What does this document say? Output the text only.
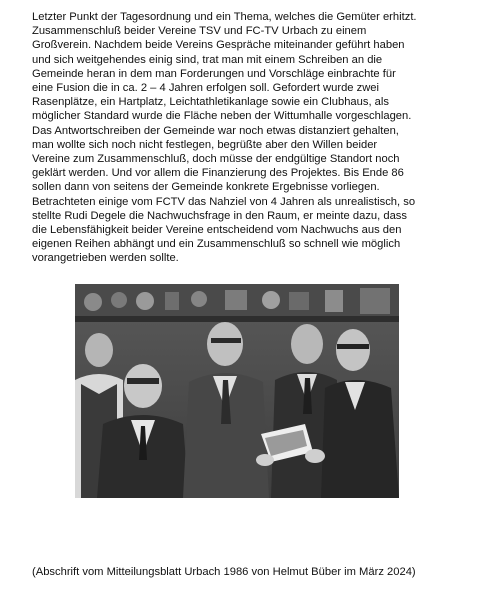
Letzter Punkt der Tagesordnung und ein Thema, welches die Gemüter erhitzt.
Zusammenschluß beider Vereine TSV und FC-TV Urbach zu einem
Großverein. Nachdem beide Vereins Gespräche miteinander geführt haben
und sich weitgehendes einig sind, trat man mit einem Schreiben an die
Gemeinde heran in dem man Forderungen und Vorschläge einbrachte für
eine Fusion die in ca. 2 – 4 Jahren erfolgen soll. Gefordert wurde zwei
Rasenplätze, ein Hartplatz, Leichtathletikanlage sowie ein Clubhaus, als
möglicher Standard wurde die Fläche neben der Wittumhalle vorgeschlagen.
Das Antwortschreiben der Gemeinde war noch etwas distanziert gehalten,
man wollte sich noch nicht festlegen, begrüßte aber den Willen beider
Vereine zum Zusammenschluß, doch müsse der endgültige Standort noch
geklärt werden. Und vor allem die Finanzierung des Projektes. Bis Ende 86
sollen dann von seitens der Gemeinde konkrete Ergebnisse vorliegen.
Betrachteten einige vom FCTV das Nahziel von 4 Jahren als unrealistisch, so
stellte Rudi Degele die Nachwuchsfrage in den Raum, er meinte dazu, dass
die Lebensfähigkeit beider Vereine entscheidend vom Nachwuchs aus den
eigenen Reihen abhängt und ein Zusammenschluß so schnell wie möglich
vorangetrieben werden sollte.
(Abschrift vom Mitteilungsblatt Urbach 1986 von Helmut Büber im März 2024)
